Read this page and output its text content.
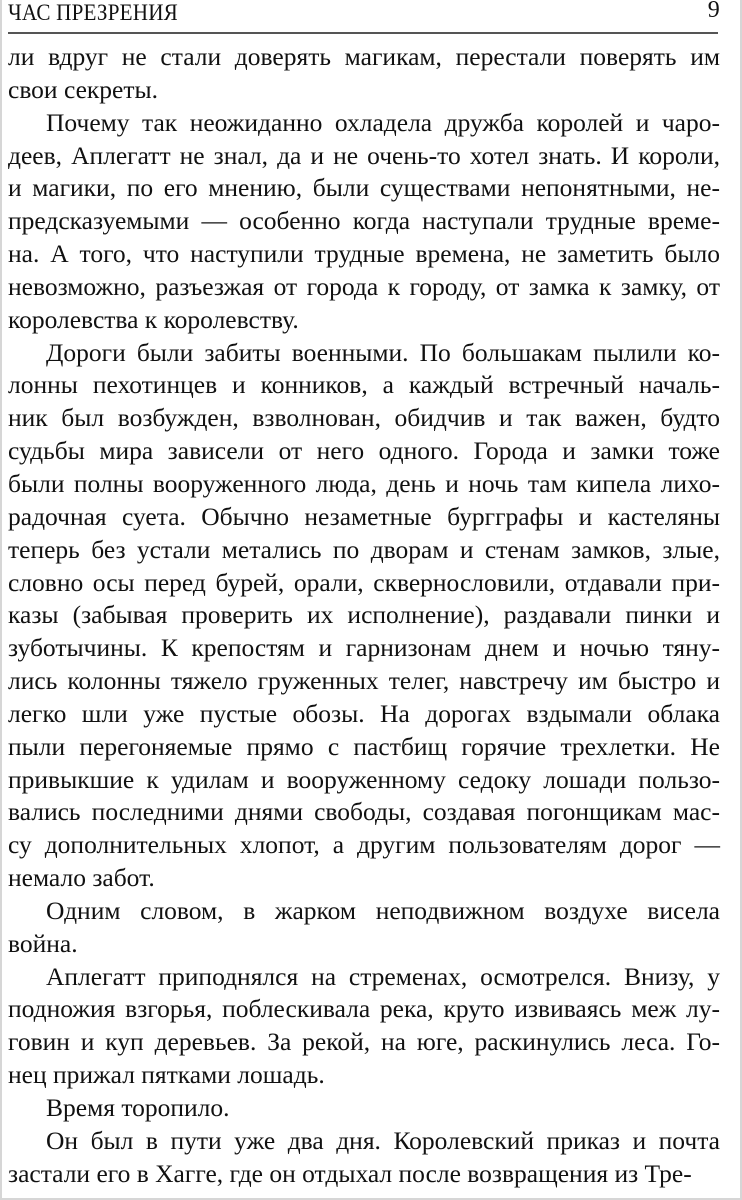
ЧАС ПРЕЗРЕНИЯ	9
ли вдруг не стали доверять магикам, перестали поверять им
свои секреты.
Почему так неожиданно охладела дружба королей и чаро-
деев, Аплегатт не знал, да и не очень-то хотел знать. И короли,
и магики, по его мнению, были существами непонятными, не-
предсказуемыми — особенно когда наступали трудные време-
на. А того, что наступили трудные времена, не заметить было
невозможно, разъезжая от города к городу, от замка к замку, от
королевства к королевству.
Дороги были забиты военными. По большакам пылили ко-
лонны пехотинцев и конников, а каждый встречный началь-
ник был возбужден, взволнован, обидчив и так важен, будто
судьбы мира зависели от него одного. Города и замки тоже
были полны вооруженного люда, день и ночь там кипела лихо-
радочная суета. Обычно незаметные бургграфы и кастеляны
теперь без устали метались по дворам и стенам замков, злые,
словно осы перед бурей, орали, сквернословили, отдавали при-
казы (забывая проверить их исполнение), раздавали пинки и
зуботычины. К крепостям и гарнизонам днем и ночью тяну-
лись колонны тяжело груженных телег, навстречу им быстро и
легко шли уже пустые обозы. На дорогах вздымали облака
пыли перегоняемые прямо с пастбищ горячие трехлетки. Не
привыкшие к удилам и вооруженному седоку лошади пользо-
вались последними днями свободы, создавая погонщикам мас-
су дополнительных хлопот, а другим пользователям дорог —
немало забот.
Одним словом, в жарком неподвижном воздухе висела
война.
Аплегатт приподнялся на стременах, осмотрелся. Внизу, у
подножия взгорья, поблескивала река, круто извиваясь меж лу-
говин и куп деревьев. За рекой, на юге, раскинулись леса. Го-
нец прижал пятками лошадь.
Время торопило.
Он был в пути уже два дня. Королевский приказ и почта
застали его в Хагге, где он отдыхал после возвращения из Тре-
